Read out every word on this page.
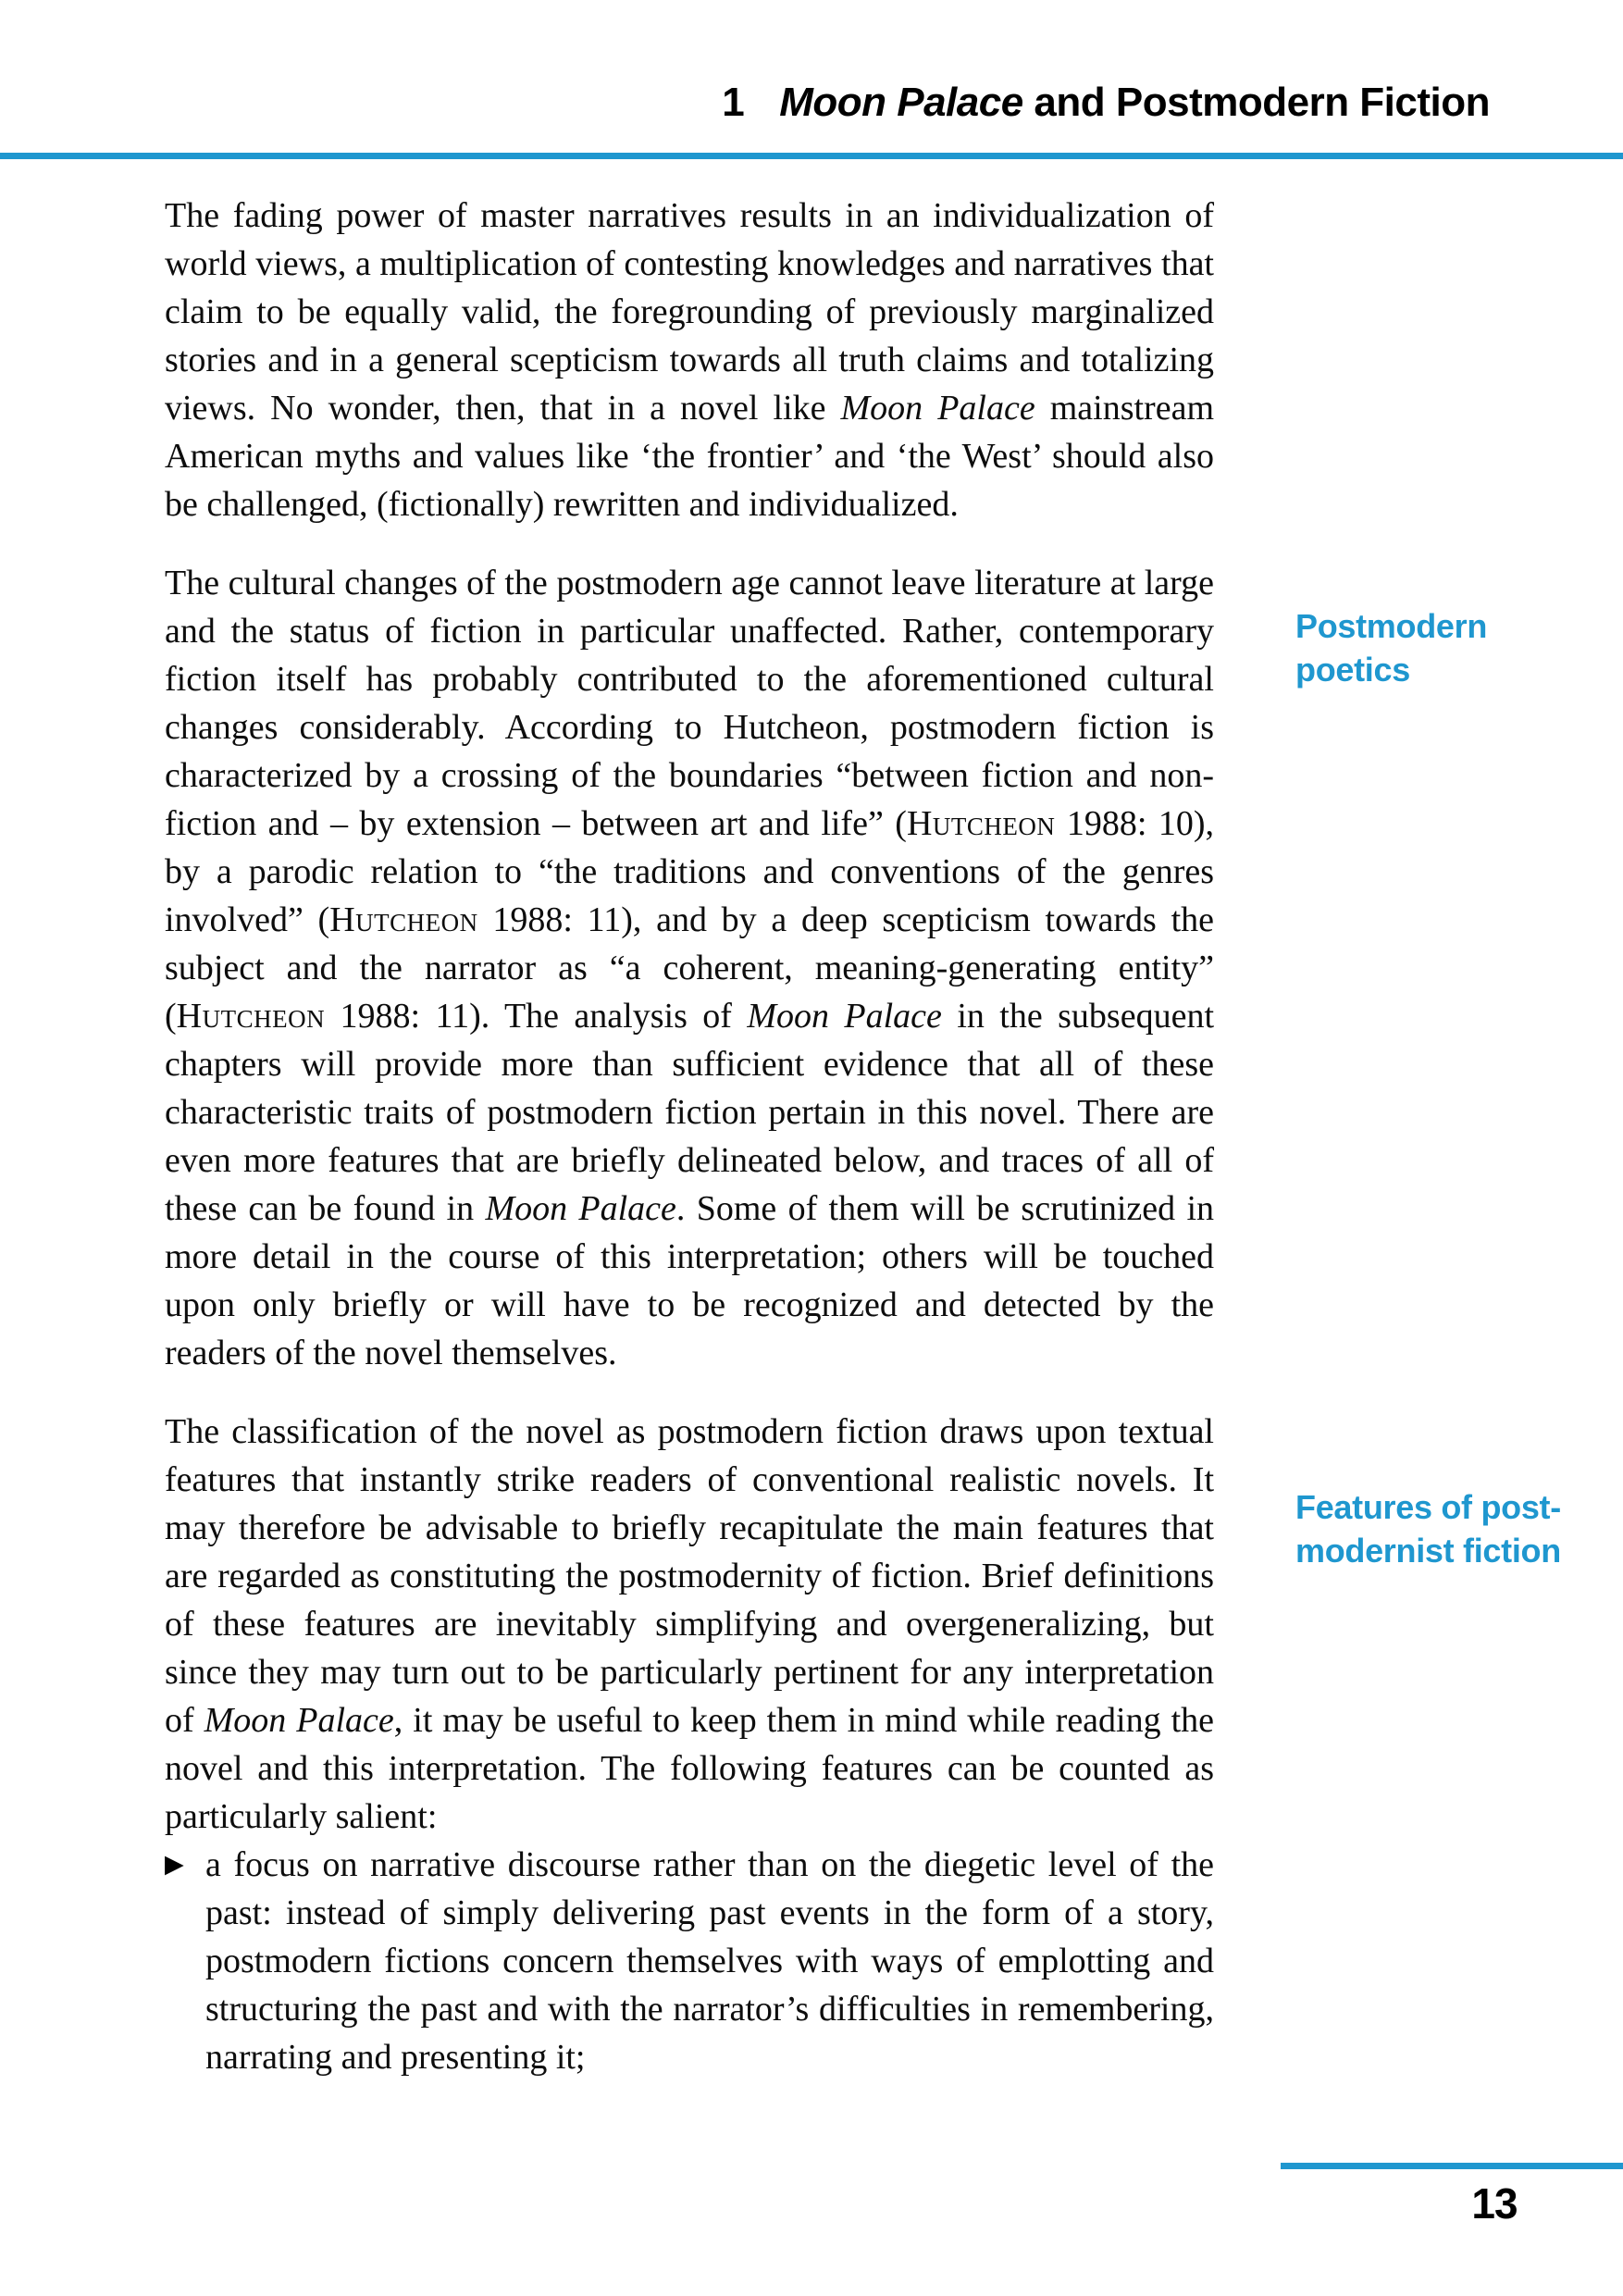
1 Moon Palace and Postmodern Fiction

The fading power of master narratives results in an individualization of world views, a multiplication of contesting knowledges and narratives that claim to be equally valid, the foregrounding of previously marginalized stories and in a general scepticism towards all truth claims and totalizing views. No wonder, then, that in a novel like Moon Palace mainstream American myths and values like ‘the frontier’ and ‘the West’ should also be challenged, (fictionally) rewritten and individualized.

The cultural changes of the postmodern age cannot leave literature at large and the status of fiction in particular unaffected. Rather, contemporary fiction itself has probably contributed to the aforementioned cultural changes considerably. According to Hutcheon, postmodern fiction is characterized by a crossing of the boundaries “between fiction and non-fiction and – by extension – between art and life” (Hutcheon 1988: 10), by a parodic relation to “the traditions and conventions of the genres involved” (Hutcheon 1988: 11), and by a deep scepticism towards the subject and the narrator as “a coherent, meaning-generating entity” (Hutcheon 1988: 11). The analysis of Moon Palace in the subsequent chapters will provide more than sufficient evidence that all of these characteristic traits of postmodern fiction pertain in this novel. There are even more features that are briefly delineated below, and traces of all of these can be found in Moon Palace. Some of them will be scrutinized in more detail in the course of this interpretation; others will be touched upon only briefly or will have to be recognized and detected by the readers of the novel themselves.

The classification of the novel as postmodern fiction draws upon textual features that instantly strike readers of conventional realistic novels. It may therefore be advisable to briefly recapitulate the main features that are regarded as constituting the postmodernity of fiction. Brief definitions of these features are inevitably simplifying and overgeneralizing, but since they may turn out to be particularly pertinent for any interpretation of Moon Palace, it may be useful to keep them in mind while reading the novel and this interpretation. The following features can be counted as particularly salient:

▶ a focus on narrative discourse rather than on the diegetic level of the past: instead of simply delivering past events in the form of a story, postmodern fictions concern themselves with ways of emplotting and structuring the past and with the narrator’s difficulties in remembering, narrating and presenting it;
Postmodern poetics
Features of post-modernist fiction
13
